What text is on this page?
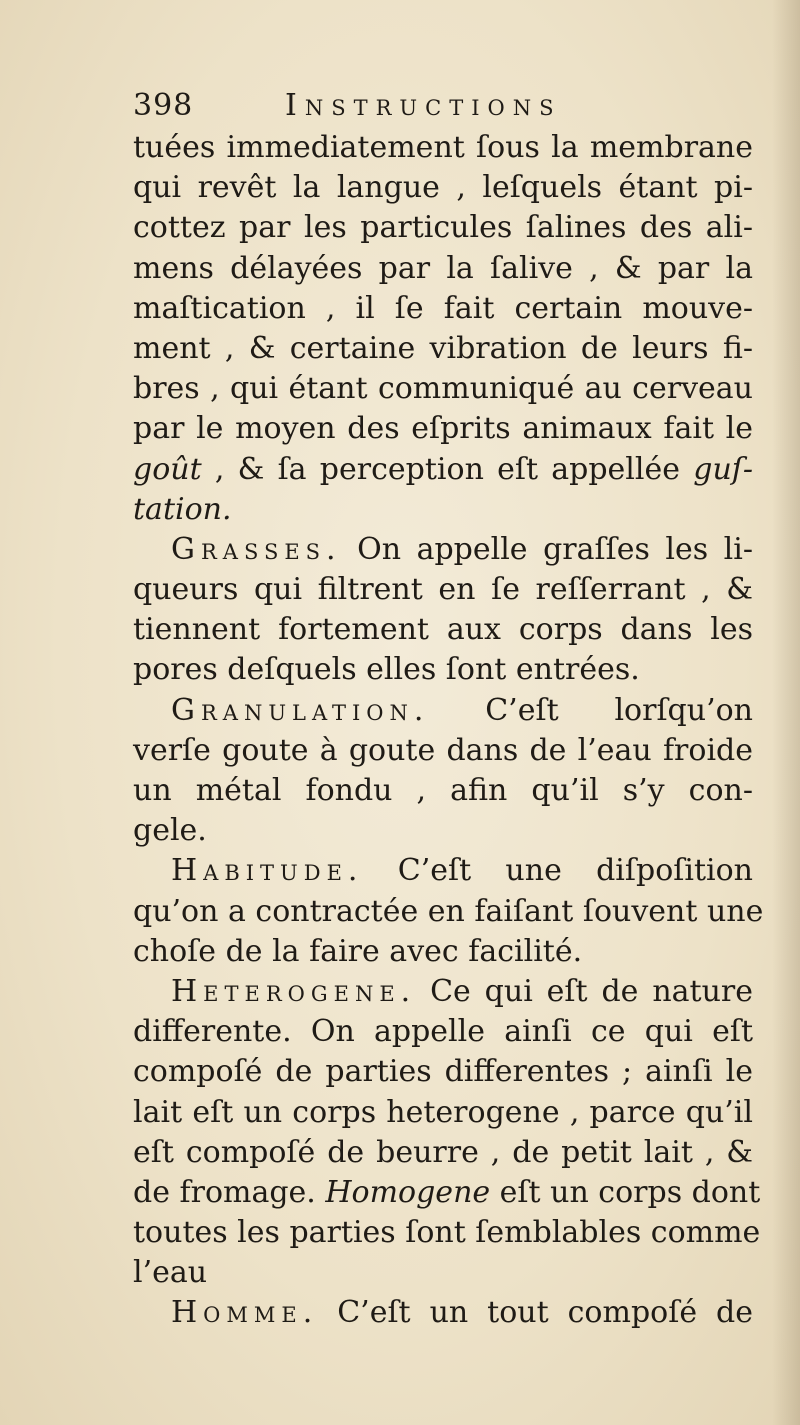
398	Instructions
tuées immediatement ſous la membrane
qui revêt la langue , leſquels étant pi-
cottez par les particules ſalines des ali-
mens délayées par la ſalive , & par la
maſtication , il ſe fait certain mouve-
ment , & certaine vibration de leurs fi-
bres , qui étant communiqué au cerveau
par le moyen des eſprits animaux fait le
goût , & ſa perception eſt appellée guſ-
tation.
Grasses. On appelle graſſes les li-
queurs qui filtrent en ſe reſſerrant , &
tiennent fortement aux corps dans les
pores deſquels elles ſont entrées.
Granulation. C’eſt lorſqu’on
verſe goute à goute dans de l’eau froide
un métal fondu , afin qu’il s’y con-
gele.
Habitude. C’eſt une diſpoſition
qu’on a contractée en faiſant ſouvent une
choſe de la faire avec facilité.
Heterogene. Ce qui eſt de nature
differente. On appelle ainſi ce qui eſt
compoſé de parties differentes ; ainſi le
lait eſt un corps heterogene , parce qu’il
eſt compoſé de beurre , de petit lait , &
de fromage. Homogene eſt un corps dont
toutes les parties ſont ſemblables comme
l’eau
Homme. C’eſt un tout compoſé de
